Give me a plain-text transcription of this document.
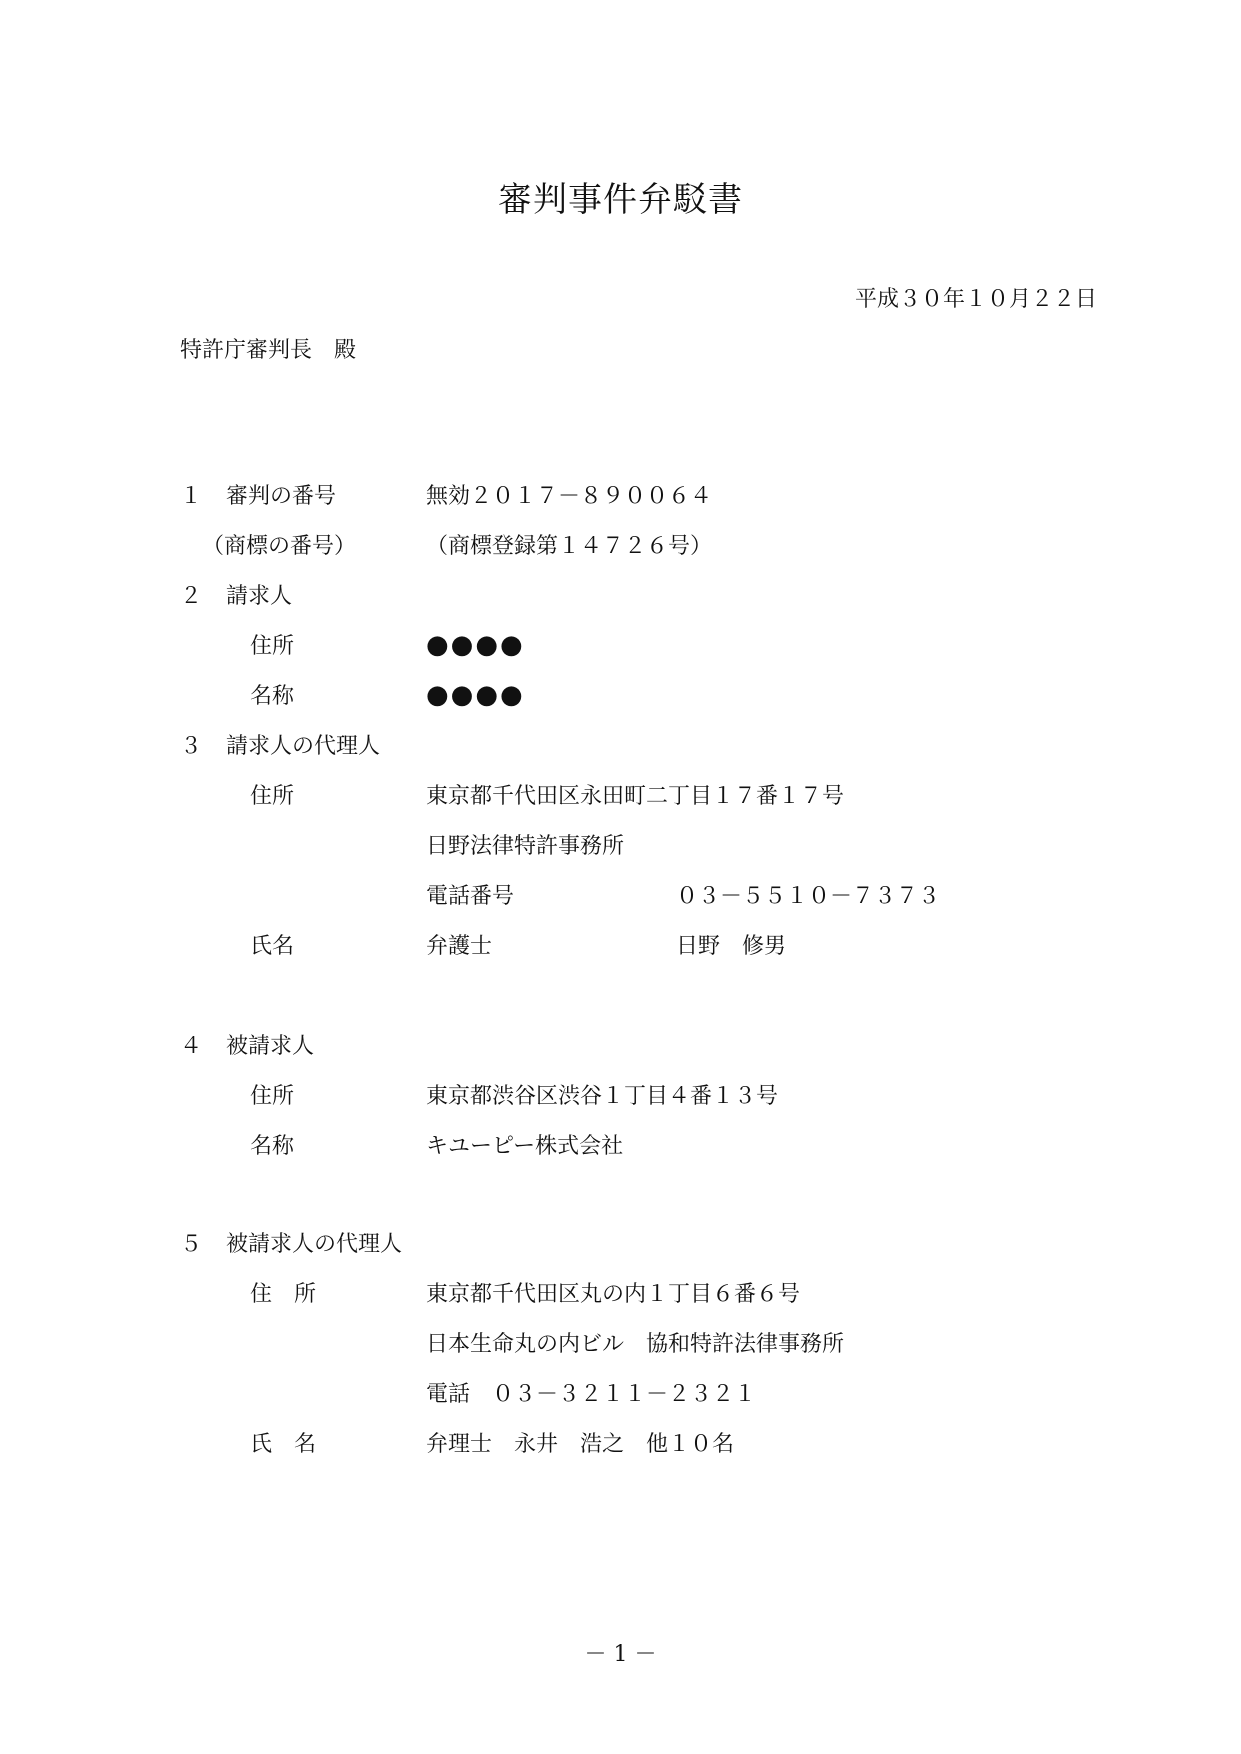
審判事件弁駁書
平成３０年１０月２２日
特許庁審判長　殿
１ 審判の番号	無効２０１７－８９００６４
（商標の番号）	（商標登録第１４７２６号）
２ 請求人
住所	●●●●
名称	●●●●
３ 請求人の代理人
住所	東京都千代田区永田町二丁目１７番１７号
日野法律特許事務所
電話番号	０３－５５１０－７３７３
氏名	弁護士	日野　修男
４ 被請求人
住所	東京都渋谷区渋谷１丁目４番１３号
名称	キユーピー株式会社
５ 被請求人の代理人
住　所	東京都千代田区丸の内１丁目６番６号
日本生命丸の内ビル　協和特許法律事務所
電話　０３－３２１１－２３２１
氏　名	弁理士　永井　浩之　他１０名
－ 1 －
